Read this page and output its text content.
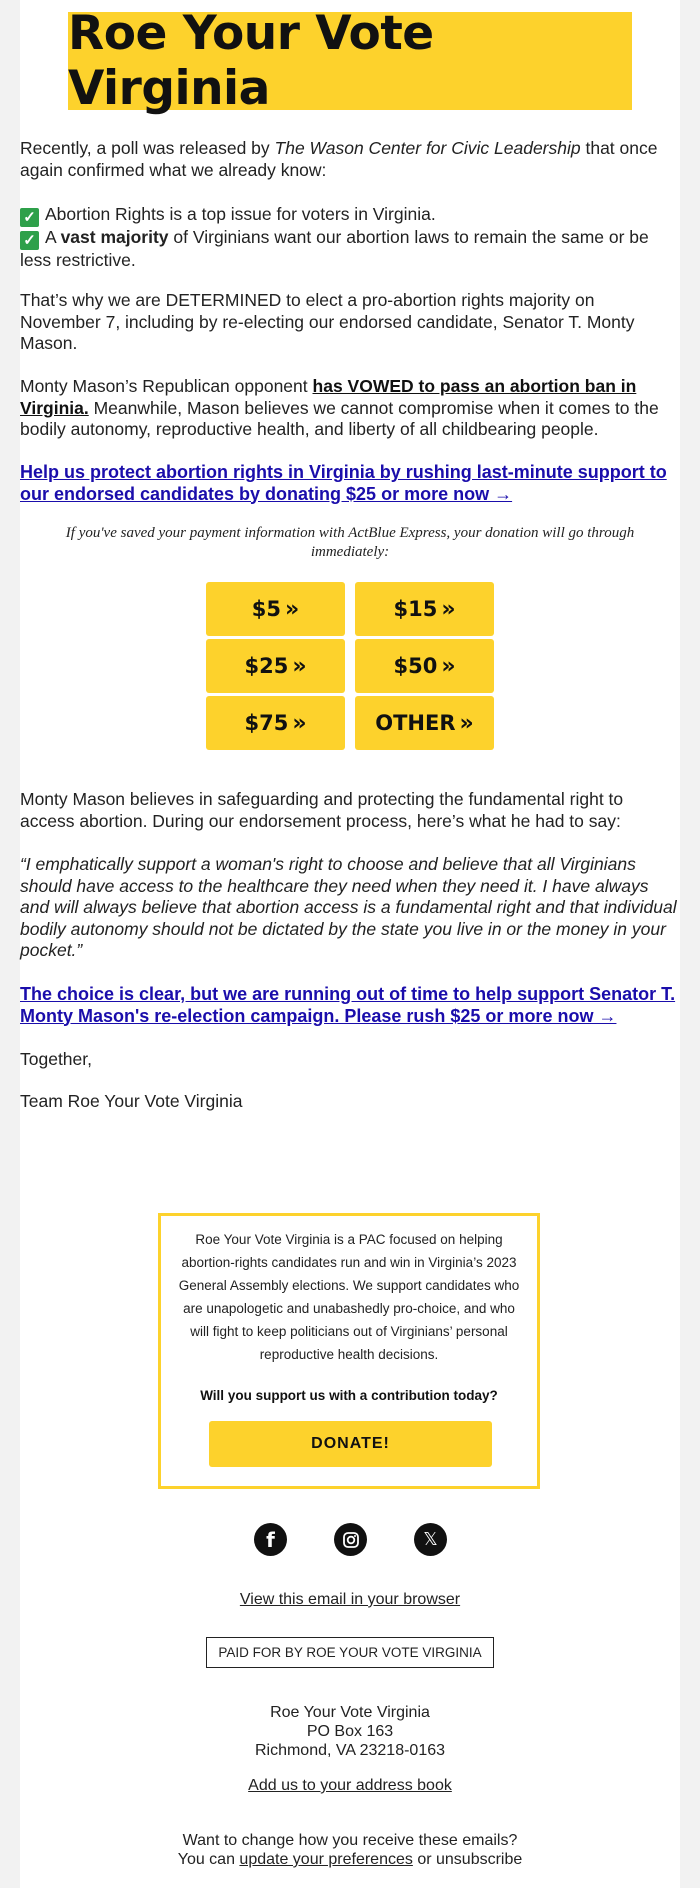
Roe Your Vote Virginia

Recently, a poll was released by The Wason Center for Civic Leadership that once again confirmed what we already know:

✓ Abortion Rights is a top issue for voters in Virginia.

✓ A vast majority of Virginians want our abortion laws to remain the same or be less restrictive.

That’s why we are DETERMINED to elect a pro-abortion rights majority on November 7, including by re-electing our endorsed candidate, Senator T. Monty Mason.

Monty Mason’s Republican opponent has VOWED to pass an abortion ban in Virginia. Meanwhile, Mason believes we cannot compromise when it comes to the bodily autonomy, reproductive health, and liberty of all childbearing people.

Help us protect abortion rights in Virginia by rushing last-minute support to our endorsed candidates by donating $25 or more now →
If you've saved your payment information with ActBlue Express, your donation will go through immediately:
$5 »	$15 »
$25 »	$50 »
$75 »	OTHER »

Monty Mason believes in safeguarding and protecting the fundamental right to access abortion. During our endorsement process, here’s what he had to say:

“I emphatically support a woman's right to choose and believe that all Virginians should have access to the healthcare they need when they need it. I have always and will always believe that abortion access is a fundamental right and that individual bodily autonomy should not be dictated by the state you live in or the money in your pocket.”

The choice is clear, but we are running out of time to help support Senator T. Monty Mason's re-election campaign. Please rush $25 or more now →
Together,
Team Roe Your Vote Virginia
Roe Your Vote Virginia is a PAC focused on helping abortion-rights candidates run and win in Virginia’s 2023 General Assembly elections. We support candidates who are unapologetic and unabashedly pro-choice, and who will fight to keep politicians out of Virginians’ personal reproductive health decisions.
Will you support us with a contribution today?
DONATE!
f	𝕏
View this email in your browser
PAID FOR BY ROE YOUR VOTE VIRGINIA
Roe Your Vote Virginia
PO Box 163
Richmond, VA 23218-0163
Add us to your address book
Want to change how you receive these emails?
You can update your preferences or unsubscribe
